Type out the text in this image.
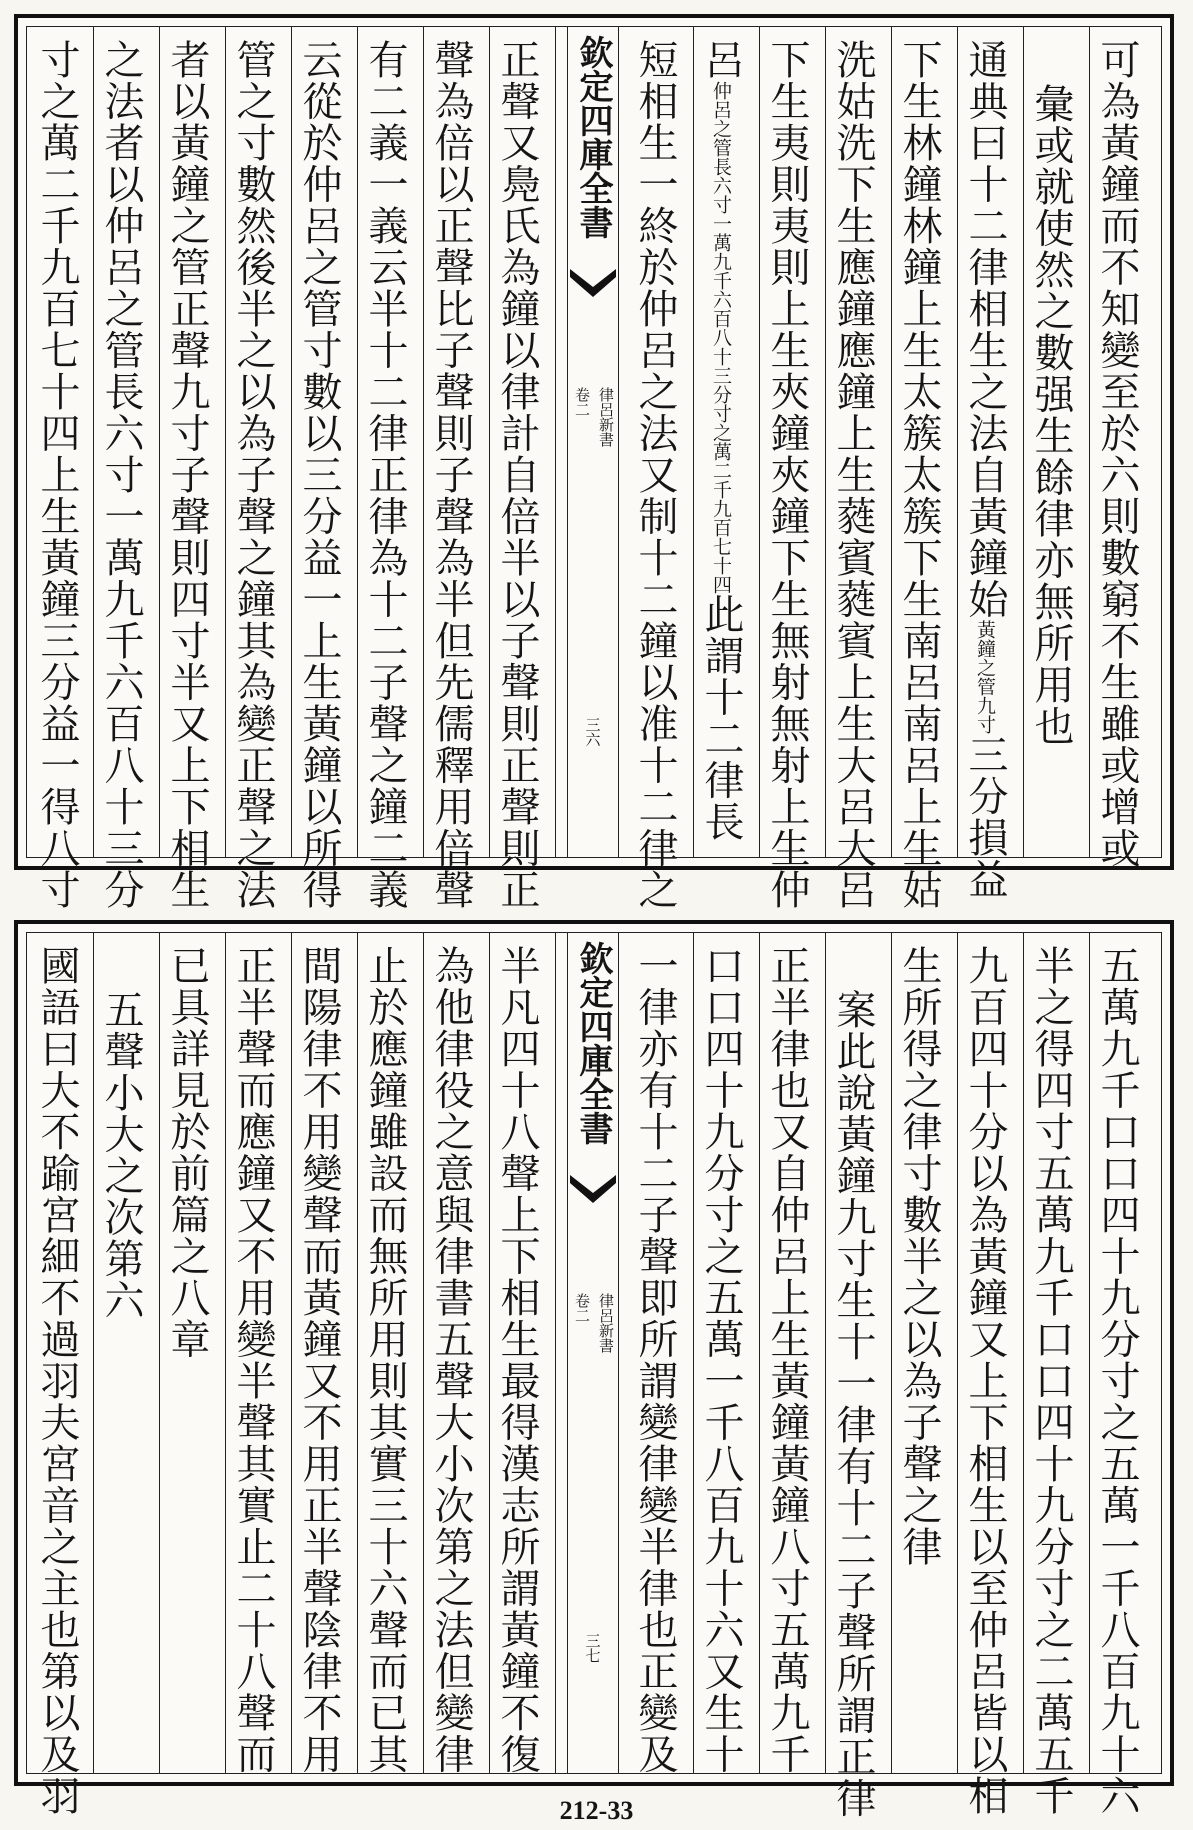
可為黃鐘而不知變至於六則數窮不生雖或增或
彙或就使然之數强生餘律亦無所用也
通典曰十二律相生之法自黃鐘始黃鐘之管九寸三分損益
下生林鐘林鐘上生太簇太簇下生南呂南呂上生姑
洗姑洗下生應鐘應鐘上生蕤賓蕤賓上生大呂大呂
下生夷則夷則上生夾鐘夾鐘下生無射無射上生仲
呂仲呂之管長六寸一萬九千六百八十三分寸之萬二千九百七十四此謂十二律長
短相生一終於仲呂之法又制十二鐘以准十二律之
欽定四庫全書
律呂新書
卷二
三六
正聲又鳧氏為鐘以律計自倍半以子聲則正聲則正
聲為倍以正聲比子聲則子聲為半但先儒釋用倍聲
有二義一義云半十二律正律為十二子聲之鐘二義
云從於仲呂之管寸數以三分益一上生黃鐘以所得
管之寸數然後半之以為子聲之鐘其為變正聲之法
者以黃鐘之管正聲九寸子聲則四寸半又上下相生
之法者以仲呂之管長六寸一萬九千六百八十三分
寸之萬二千九百七十四上生黃鐘三分益一得八寸
五萬九千口口四十九分寸之五萬一千八百九十六
半之得四寸五萬九千口口四十九分寸之二萬五千
九百四十分以為黃鐘又上下相生以至仲呂皆以相
生所得之律寸數半之以為子聲之律
案此說黃鐘九寸生十一律有十二子聲所謂正律
正半律也又自仲呂上生黃鐘黃鐘八寸五萬九千
口口四十九分寸之五萬一千八百九十六又生十
一律亦有十二子聲即所謂變律變半律也正變及
欽定四庫全書
律呂新書
卷二
三七
半凡四十八聲上下相生最得漢志所謂黃鐘不復
為他律役之意與律書五聲大小次第之法但變律
止於應鐘雖設而無所用則其實三十六聲而已其
間陽律不用變聲而黃鐘又不用正半聲陰律不用
正半聲而應鐘又不用變半聲其實止二十八聲而
已具詳見於前篇之八章
五聲小大之次第六
國語曰大不踰宮細不過羽夫宮音之主也第以及羽	212-33
